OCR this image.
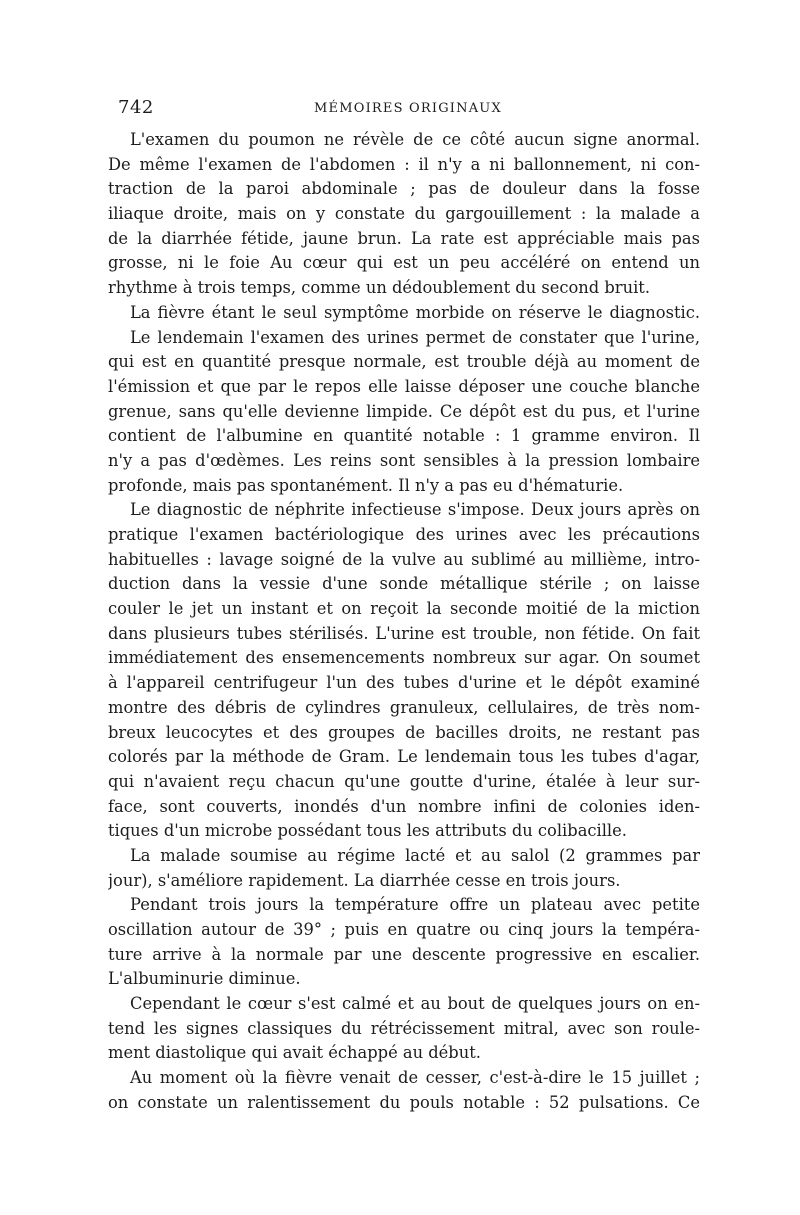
742	MÉMOIRES ORIGINAUX
L'examen du poumon ne révèle de ce côté aucun signe anormal.
De même l'examen de l'abdomen : il n'y a ni ballonnement, ni con-
traction de la paroi abdominale ; pas de douleur dans la fosse
iliaque droite, mais on y constate du gargouillement : la malade a
de la diarrhée fétide, jaune brun. La rate est appréciable mais pas
grosse, ni le foie Au cœur qui est un peu accéléré on entend un
rhythme à trois temps, comme un dédoublement du second bruit.
La fièvre étant le seul symptôme morbide on réserve le diagnostic.
Le lendemain l'examen des urines permet de constater que l'urine,
qui est en quantité presque normale, est trouble déjà au moment de
l'émission et que par le repos elle laisse déposer une couche blanche
grenue, sans qu'elle devienne limpide. Ce dépôt est du pus, et l'urine
contient de l'albumine en quantité notable : 1 gramme environ. Il
n'y a pas d'œdèmes. Les reins sont sensibles à la pression lombaire
profonde, mais pas spontanément. Il n'y a pas eu d'hématurie.
Le diagnostic de néphrite infectieuse s'impose. Deux jours après on
pratique l'examen bactériologique des urines avec les précautions
habituelles : lavage soigné de la vulve au sublimé au millième, intro-
duction dans la vessie d'une sonde métallique stérile ; on laisse
couler le jet un instant et on reçoit la seconde moitié de la miction
dans plusieurs tubes stérilisés. L'urine est trouble, non fétide. On fait
immédiatement des ensemencements nombreux sur agar. On soumet
à l'appareil centrifugeur l'un des tubes d'urine et le dépôt examiné
montre des débris de cylindres granuleux, cellulaires, de très nom-
breux leucocytes et des groupes de bacilles droits, ne restant pas
colorés par la méthode de Gram. Le lendemain tous les tubes d'agar,
qui n'avaient reçu chacun qu'une goutte d'urine, étalée à leur sur-
face, sont couverts, inondés d'un nombre infini de colonies iden-
tiques d'un microbe possédant tous les attributs du colibacille.
La malade soumise au régime lacté et au salol (2 grammes par
jour), s'améliore rapidement. La diarrhée cesse en trois jours.
Pendant trois jours la température offre un plateau avec petite
oscillation autour de 39° ; puis en quatre ou cinq jours la tempéra-
ture arrive à la normale par une descente progressive en escalier.
L'albuminurie diminue.
Cependant le cœur s'est calmé et au bout de quelques jours on en-
tend les signes classiques du rétrécissement mitral, avec son roule-
ment diastolique qui avait échappé au début.
Au moment où la fièvre venait de cesser, c'est-à-dire le 15 juillet ;
on constate un ralentissement du pouls notable : 52 pulsations. Ce
